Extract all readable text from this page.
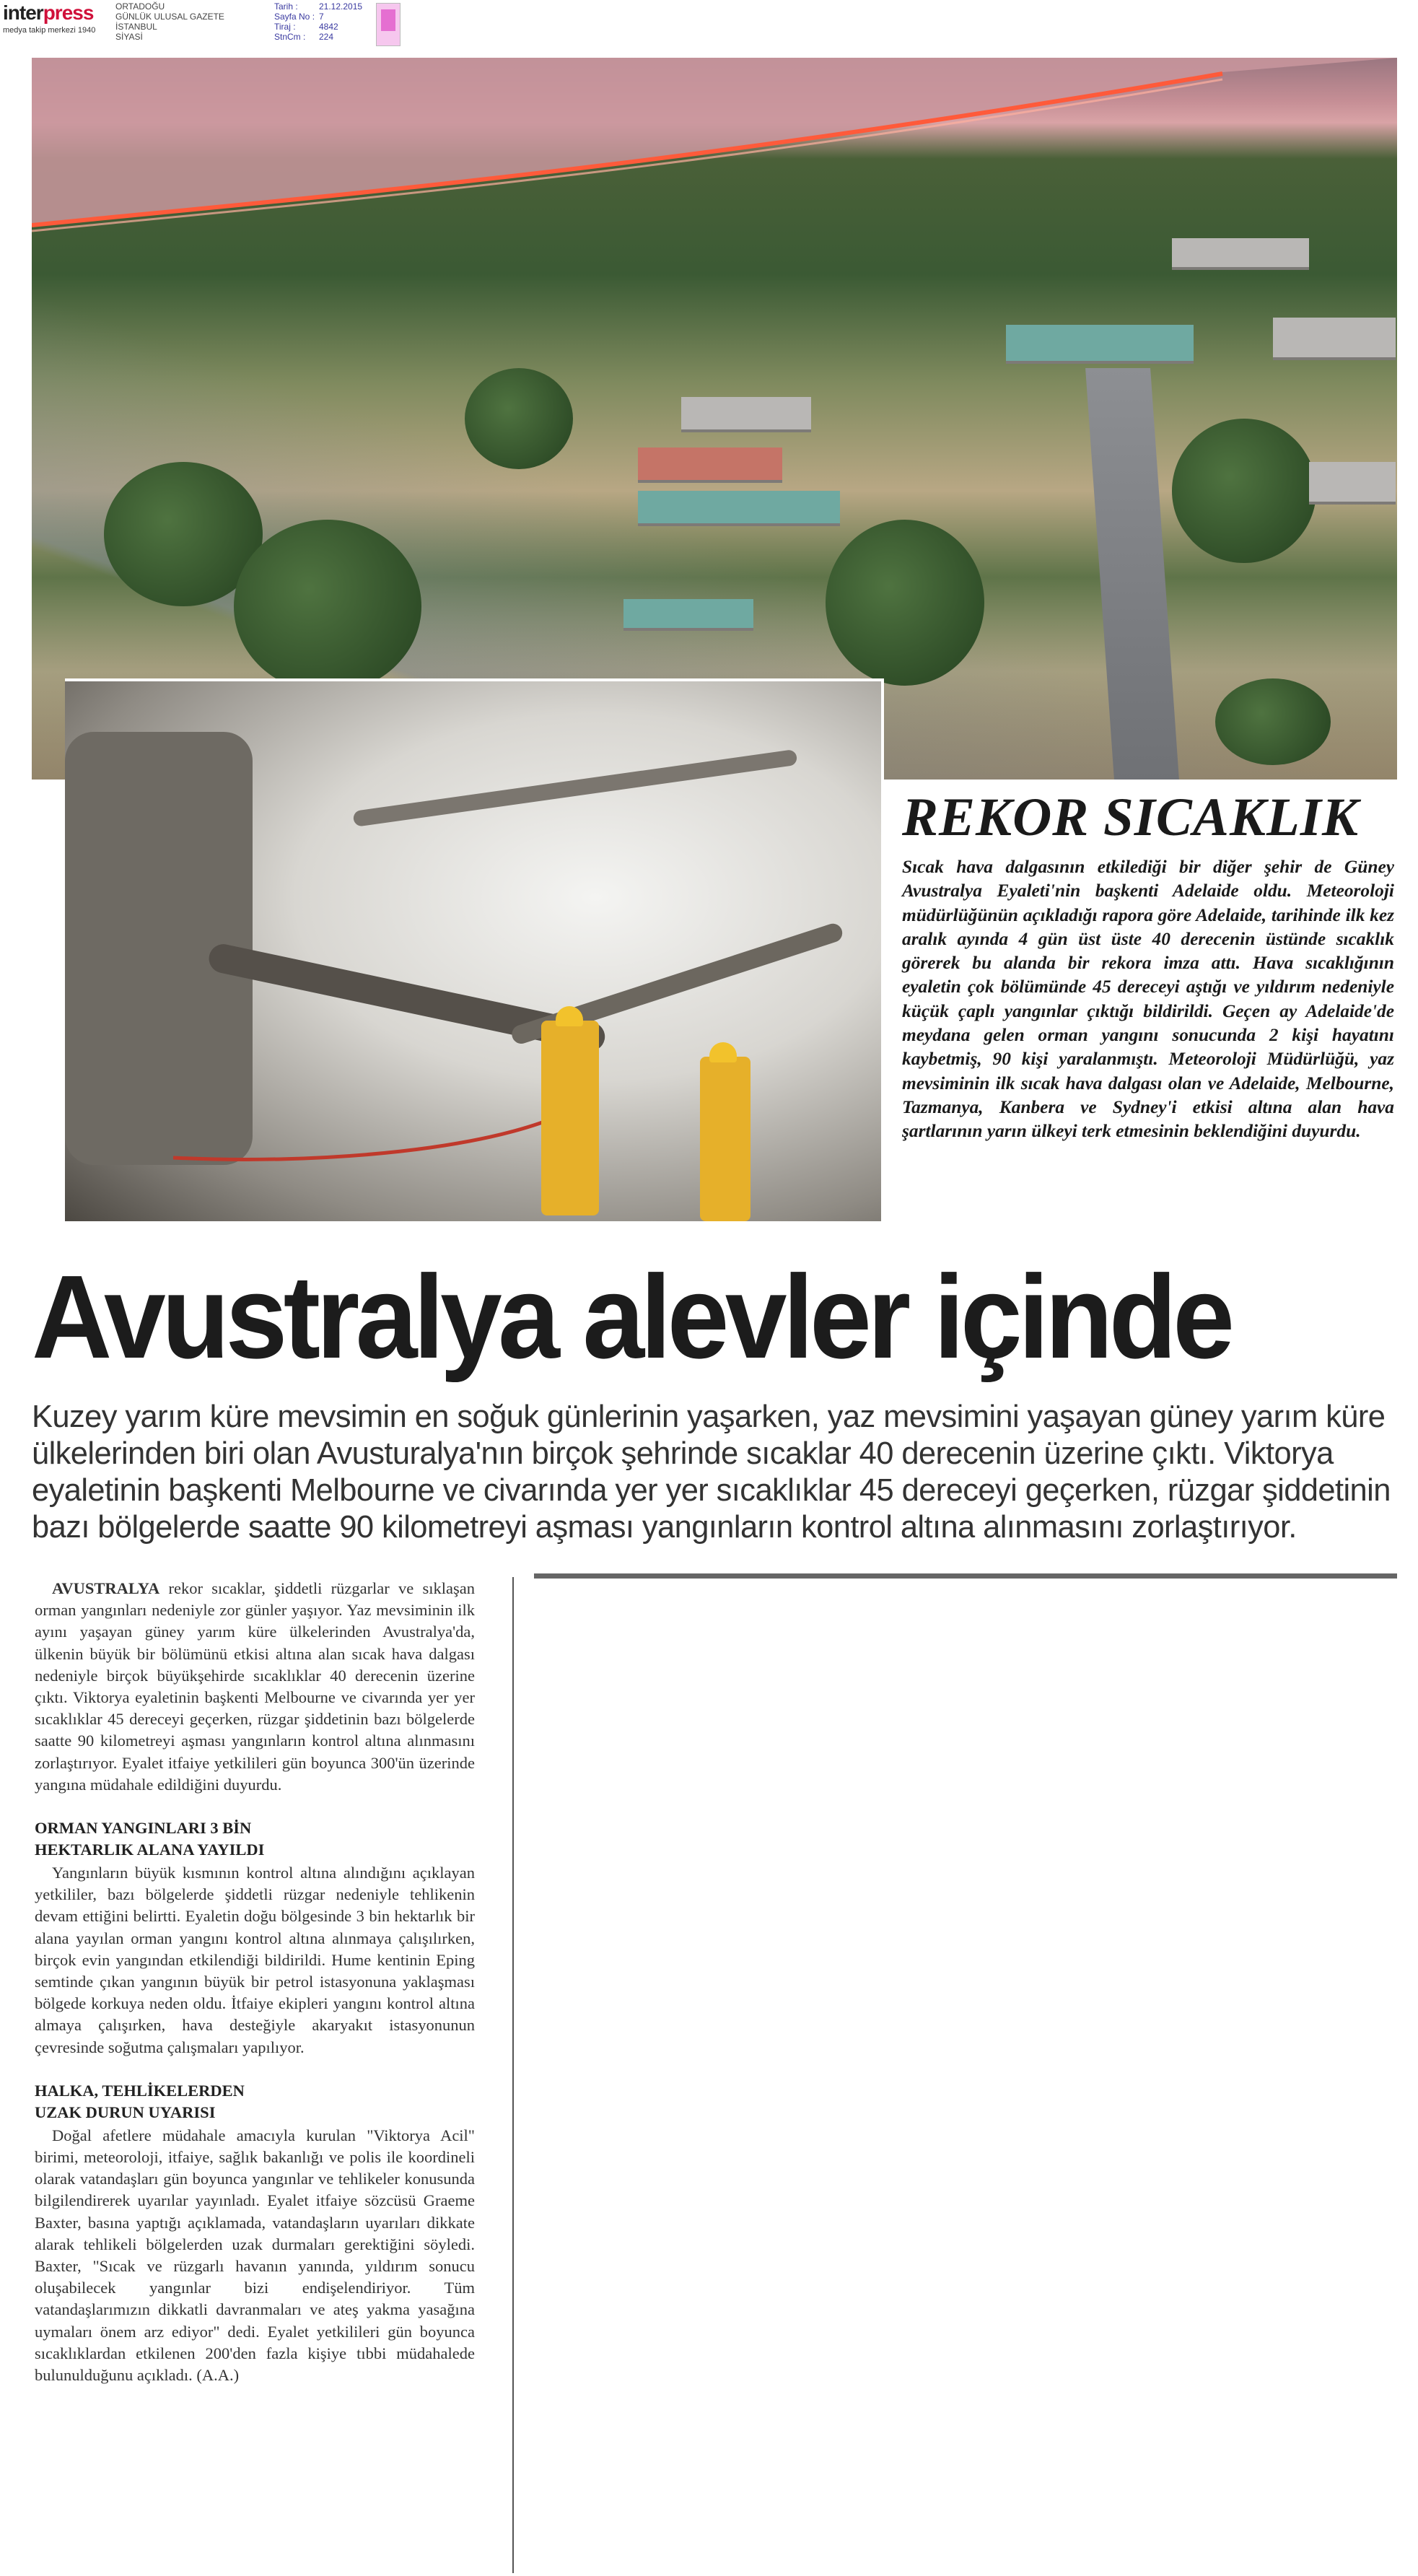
interpress
medya takip merkezi 1940
ORTADOĞU
GÜNLÜK ULUSAL GAZETE
İSTANBUL
SİYASİ
Tarih :	21.12.2015
Sayfa No : 7
Tiraj :	4842
StnCm :	224
REKOR SICAKLIK

Sıcak hava dalgasının etkilediği bir diğer şehir de Güney Avustralya Eyaleti'nin başkenti Adelaide oldu. Meteoroloji müdürlüğünün açıkladığı rapora göre Adelaide, tarihinde ilk kez aralık ayında 4 gün üst üste 40 derecenin üstünde sıcaklık görerek bu alanda bir rekora imza attı. Hava sıcaklığının eyaletin çok bölümünde 45 dereceyi aştığı ve yıldırım nedeniyle küçük çaplı yangınlar çıktığı bildirildi. Geçen ay Adelaide'de meydana gelen orman yangını sonucunda 2 kişi hayatını kaybetmiş, 90 kişi yaralanmıştı. Meteoroloji Müdürlüğü, yaz mevsiminin ilk sıcak hava dalgası olan ve Adelaide, Melbourne, Tazmanya, Kanbera ve Sydney'i etkisi altına alan hava şartlarının yarın ülkeyi terk etmesinin beklendiğini duyurdu.

Avustralya alevler içinde

Kuzey yarım küre mevsimin en soğuk günlerinin yaşarken, yaz mevsimini yaşayan güney yarım küre ülkelerinden biri olan Avusturalya'nın birçok şehrinde sıcaklar 40 derecenin üzerine çıktı. Viktorya eyaletinin başkenti Melbourne ve civarında yer yer sıcaklıklar 45 dereceyi geçerken, rüzgar şiddetinin bazı bölgelerde saatte 90 kilometreyi aşması yangınların kontrol altına alınmasını zorlaştırıyor.

AVUSTRALYA rekor sıcaklar, şiddetli rüzgarlar ve sıklaşan orman yangınları nedeniyle zor günler yaşıyor. Yaz mevsiminin ilk ayını yaşayan güney yarım küre ülkelerinden Avustralya'da, ülkenin büyük bir bölümünü etkisi altına alan sıcak hava dalgası nedeniyle birçok büyükşehirde sıcaklıklar 40 derecenin üzerine çıktı. Viktorya eyaletinin başkenti Melbourne ve civarında yer yer sıcaklıklar 45 dereceyi geçerken, rüzgar şiddetinin bazı bölgelerde saatte 90 kilometreyi aşması yangınların kontrol altına alınmasını zorlaştırıyor. Eyalet itfaiye yetkilileri gün boyunca 300'ün üzerinde yangına müdahale edildiğini duyurdu.

ORMAN YANGINLARI 3 BİN
HEKTARLIK ALANA YAYILDI

Yangınların büyük kısmının kontrol altına alındığını açıklayan yetkililer, bazı bölgelerde şiddetli rüzgar nedeniyle tehlikenin devam ettiğini belirtti. Eyaletin doğu bölgesinde 3 bin hektarlık bir alana yayılan orman yangını kontrol altına alınmaya çalışılırken, birçok evin yangından etkilendiği bildirildi. Hume kentinin Eping semtinde çıkan yangının büyük bir petrol istasyonuna yaklaşması bölgede korkuya neden oldu. İtfaiye ekipleri yangını kontrol altına almaya çalışırken, hava desteğiyle akaryakıt istasyonunun çevresinde soğutma çalışmaları yapılıyor.

HALKA, TEHLİKELERDEN
UZAK DURUN UYARISI

Doğal afetlere müdahale amacıyla kurulan "Viktorya Acil" birimi, meteoroloji, itfaiye, sağlık bakanlığı ve polis ile koordineli olarak vatandaşları gün boyunca yangınlar ve tehlikeler konusunda bilgilendirerek uyarılar yayınladı. Eyalet itfaiye sözcüsü Graeme Baxter, basına yaptığı açıklamada, vatandaşların uyarıları dikkate alarak tehlikeli bölgelerden uzak durmaları gerektiğini söyledi. Baxter, "Sıcak ve rüzgarlı havanın yanında, yıldırım sonucu oluşabilecek yangınlar bizi endişelendiriyor. Tüm vatandaşlarımızın dikkatli davranmaları ve ateş yakma yasağına uymaları önem arz ediyor" dedi. Eyalet yetkilileri gün boyunca sıcaklıklardan etkilenen 200'den fazla kişiye tıbbi müdahalede bulunulduğunu açıkladı. (A.A.)
